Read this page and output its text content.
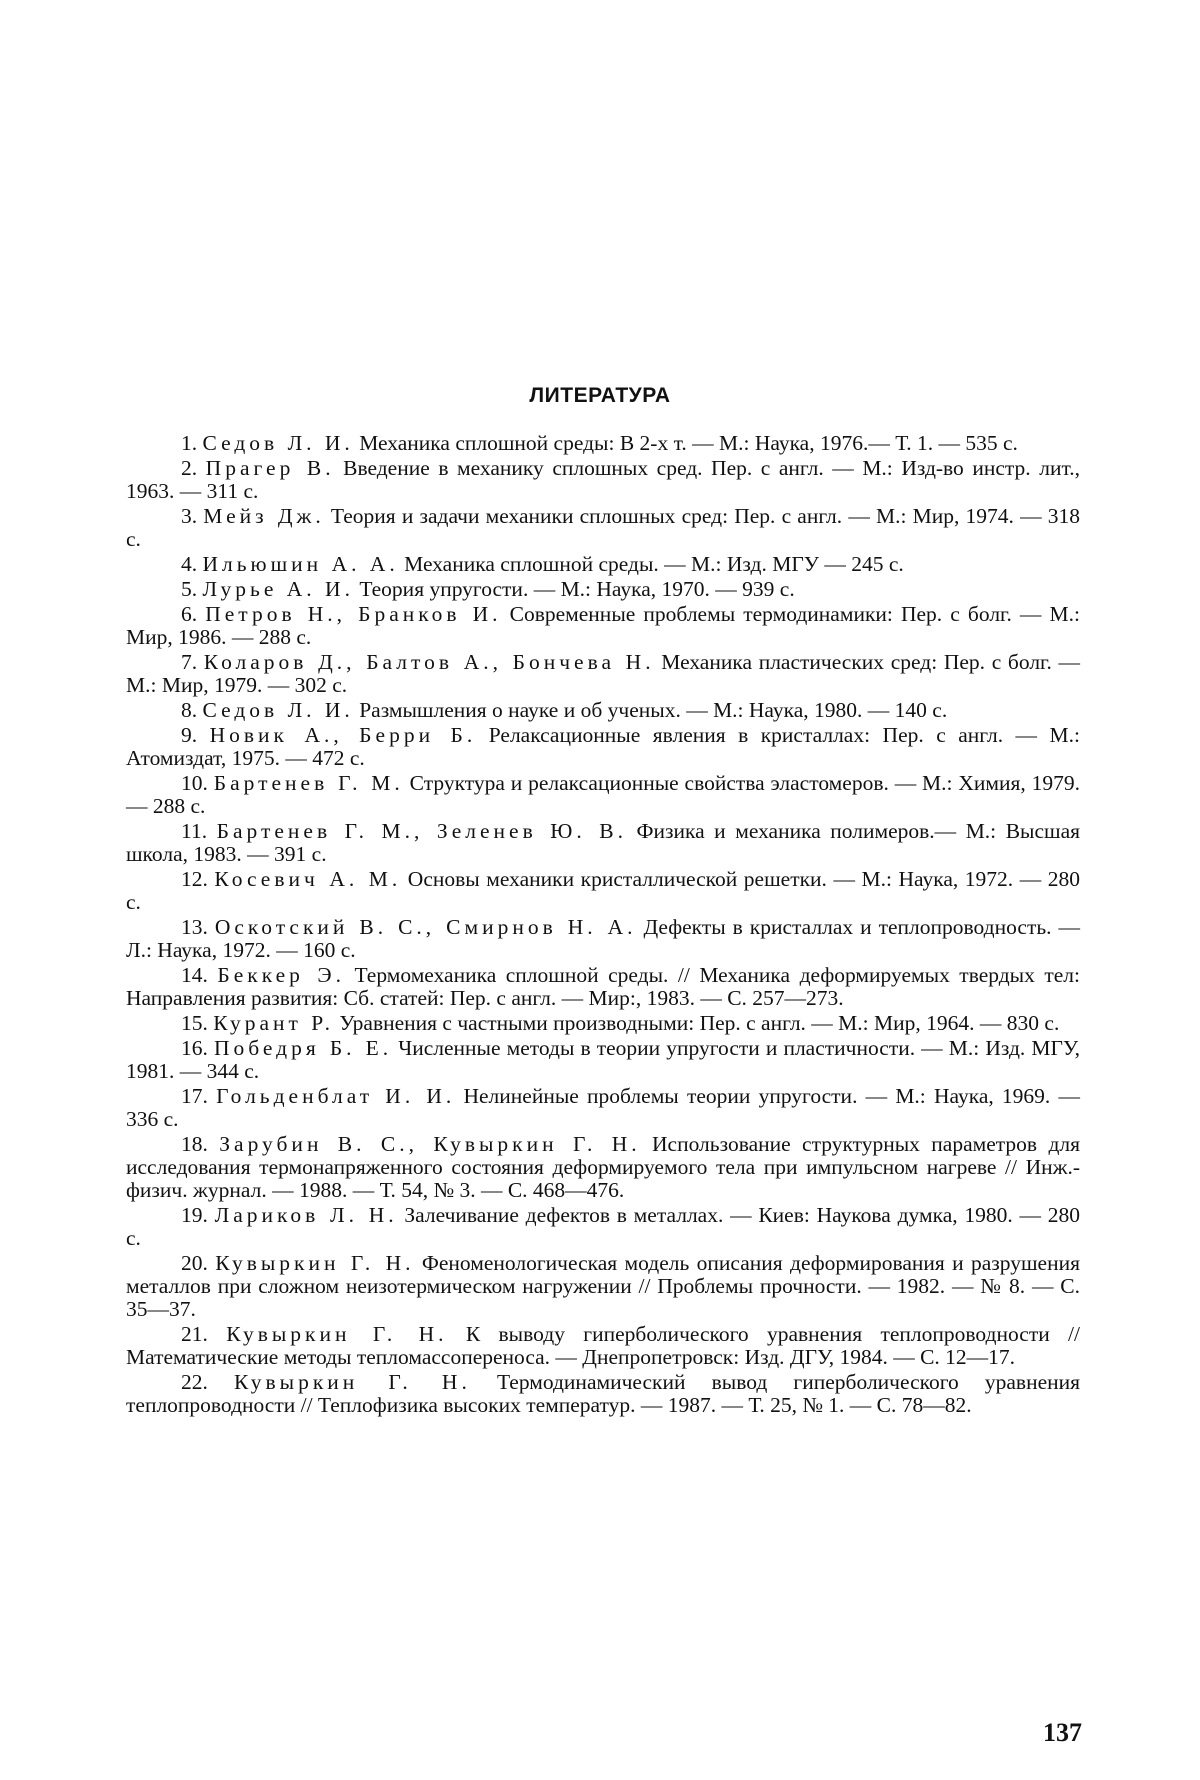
ЛИТЕРАТУРА

1. Седов Л. И. Механика сплошной среды: В 2-х т. — М.: Наука, 1976.— Т. 1. — 535 с.

2. Прагер В. Введение в механику сплошных сред. Пер. с англ. — М.: Изд-во инстр. лит., 1963. — 311 с.

3. Мейз Дж. Теория и задачи механики сплошных сред: Пер. с англ. — М.: Мир, 1974. — 318 с.

4. Ильюшин А. А. Механика сплошной среды. — М.: Изд. МГУ — 245 с.

5. Лурье А. И. Теория упругости. — М.: Наука, 1970. — 939 с.

6. Петров Н., Бранков И. Современные проблемы термодинамики: Пер. с болг. — М.: Мир, 1986. — 288 с.

7. Коларов Д., Балтов А., Бончева Н. Механика пластических сред: Пер. с болг. — М.: Мир, 1979. — 302 с.

8. Седов Л. И. Размышления о науке и об ученых. — М.: Наука, 1980. — 140 с.

9. Новик А., Берри Б. Релаксационные явления в кристаллах: Пер. с англ. — М.: Атомиздат, 1975. — 472 с.

10. Бартенев Г. М. Структура и релаксационные свойства эластомеров. — М.: Химия, 1979. — 288 с.

11. Бартенев Г. М., Зеленев Ю. В. Физика и механика полимеров.— М.: Высшая школа, 1983. — 391 с.

12. Косевич А. М. Основы механики кристаллической решетки. — М.: Наука, 1972. — 280 с.

13. Оскотский В. С., Смирнов Н. А. Дефекты в кристаллах и теплопроводность. — Л.: Наука, 1972. — 160 с.

14. Беккер Э. Термомеханика сплошной среды. // Механика деформируемых твердых тел: Направления развития: Сб. статей: Пер. с англ. — Мир:, 1983. — С. 257—273.

15. Курант Р. Уравнения с частными производными: Пер. с англ. — М.: Мир, 1964. — 830 с.

16. Победря Б. Е. Численные методы в теории упругости и пластичности. — М.: Изд. МГУ, 1981. — 344 с.

17. Гольденблат И. И. Нелинейные проблемы теории упругости. — М.: Наука, 1969. — 336 с.

18. Зарубин В. С., Кувыркин Г. Н. Использование структурных параметров для исследования термонапряженного состояния деформируемого тела при импульсном нагреве // Инж.-физич. журнал. — 1988. — Т. 54, № 3. — С. 468—476.

19. Лариков Л. Н. Залечивание дефектов в металлах. — Киев: Наукова думка, 1980. — 280 с.

20. Кувыркин Г. Н. Феноменологическая модель описания деформирования и разрушения металлов при сложном неизотермическом нагружении // Проблемы прочности. — 1982. — № 8. — С. 35—37.

21. Кувыркин Г. Н. К выводу гиперболического уравнения теплопроводности // Математические методы тепломассопереноса. — Днепропетровск: Изд. ДГУ, 1984. — С. 12—17.

22. Кувыркин Г. Н. Термодинамический вывод гиперболического уравнения теплопроводности // Теплофизика высоких температур. — 1987. — Т. 25, № 1. — С. 78—82.

137
